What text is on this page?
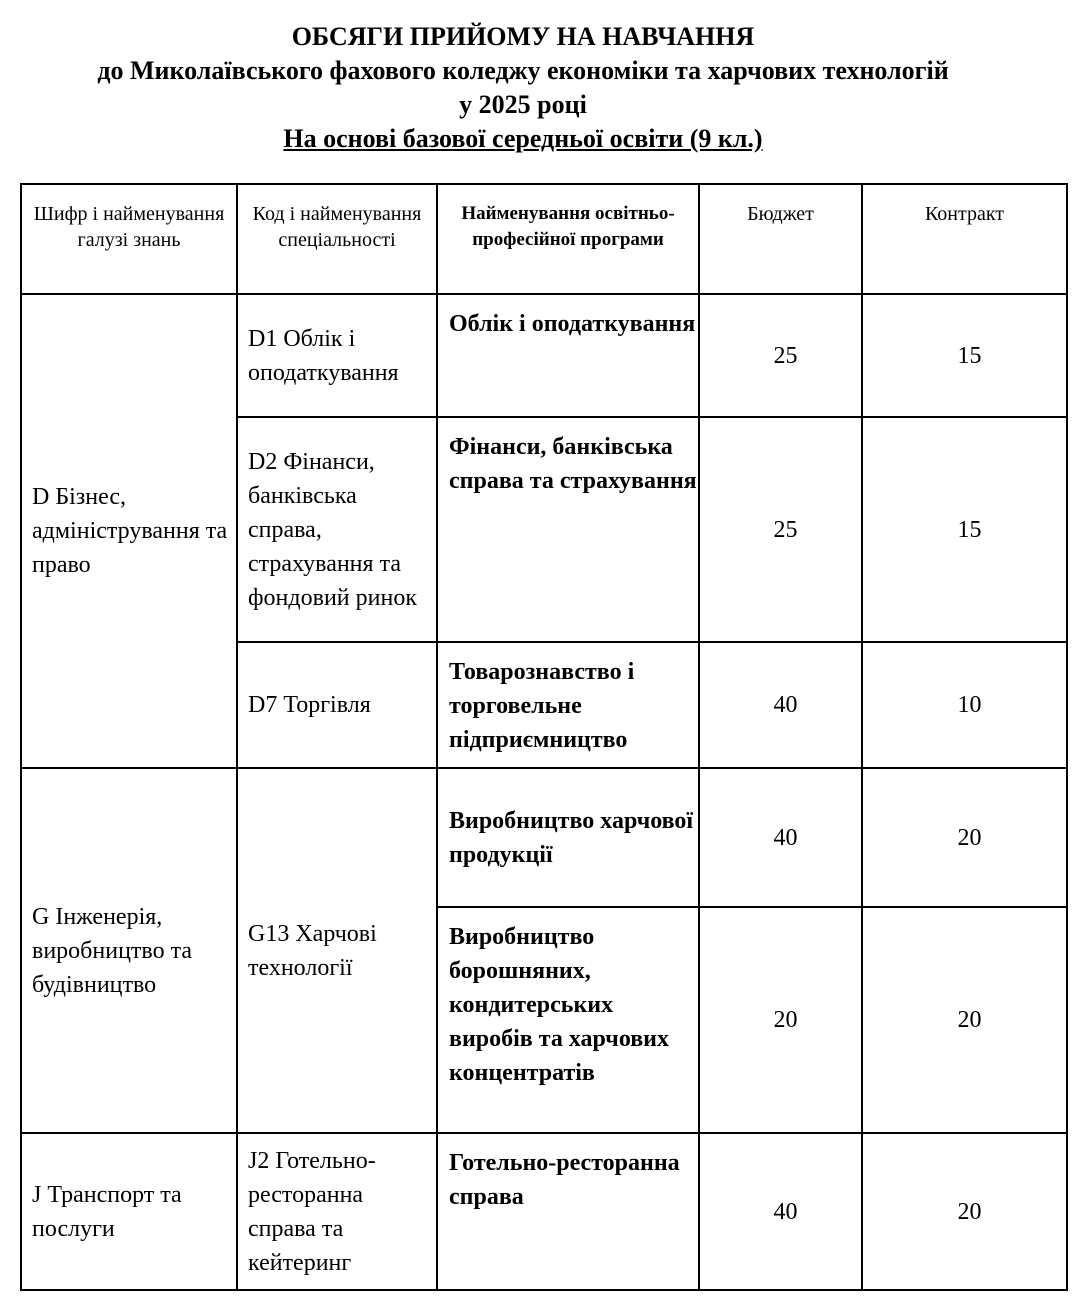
ОБСЯГИ ПРИЙОМУ НА НАВЧАННЯ
до Миколаївського фахового коледжу економіки та харчових технологій
у 2025 році
На основі базової середньої освіти (9 кл.)
Шифр і найменування галузі знань	Код і найменування спеціальності	Найменування освітньо-професійної програми	Бюджет	Контракт
D Бізнес, адміністрування та право	D1 Облік і оподаткування	Облік і оподаткування	25	15
	D2 Фінанси, банківська справа, страхування та фондовий ринок	Фінанси, банківська справа та страхування	25	15
	D7 Торгівля	Товарознавство і торговельне підприємництво	40	10
G Інженерія, виробництво та будівництво	G13 Харчові технології	Виробництво харчової продукції	40	20
		Виробництво борошняних, кондитерських виробів та харчових концентратів	20	20
J Транспорт та послуги	J2 Готельно-ресторанна справа та кейтеринг	Готельно-ресторанна справа	40	20
